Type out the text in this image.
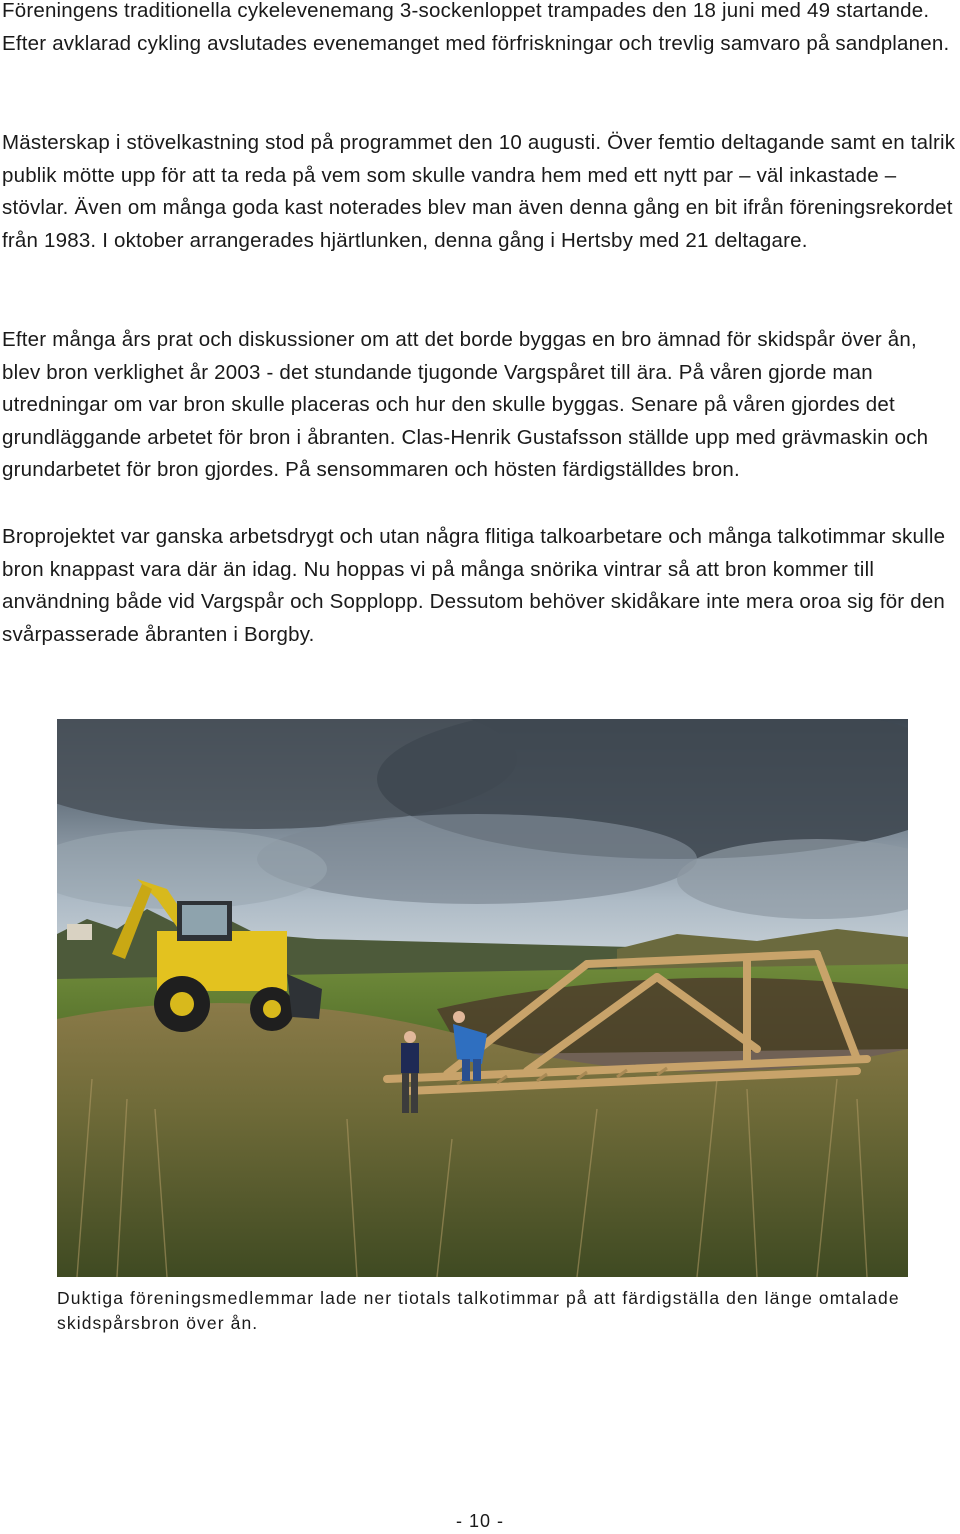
Föreningens traditionella cykelevenemang 3-sockenloppet trampades den 18 juni med 49 startande. Efter avklarad cykling avslutades evenemanget med förfriskningar och trevlig samvaro på sandplanen.

Mästerskap i stövelkastning stod på programmet den 10 augusti. Över femtio deltagande samt en talrik publik mötte upp för att ta reda på vem som skulle vandra hem med ett nytt par – väl inkastade – stövlar. Även om många goda kast noterades blev man även denna gång en bit ifrån föreningsrekordet från 1983. I oktober arrangerades hjärtlunken, denna gång i Hertsby med 21 deltagare.

Efter många års prat och diskussioner om att det borde byggas en bro ämnad för skidspår över ån, blev bron verklighet år 2003 - det stundande tjugonde Vargspåret till ära. På våren gjorde man utredningar om var bron skulle placeras och hur den skulle byggas. Senare på våren gjordes det grundläggande arbetet för bron i åbranten. Clas-Henrik Gustafsson ställde upp med grävmaskin och grundarbetet för bron gjordes. På sensommaren och hösten färdigställdes bron.

Broprojektet var ganska arbetsdrygt och utan några flitiga talkoarbetare och många talkotimmar skulle bron knappast vara där än idag. Nu hoppas vi på många snörika vintrar så att bron kommer till användning både vid Vargspår och Sopplopp. Dessutom behöver skidåkare inte mera oroa sig för den svårpasserade åbranten i Borgby.

Duktiga föreningsmedlemmar lade ner tiotals talkotimmar på att färdigställa den länge omtalade skidspårsbron över ån.

- 10 -
